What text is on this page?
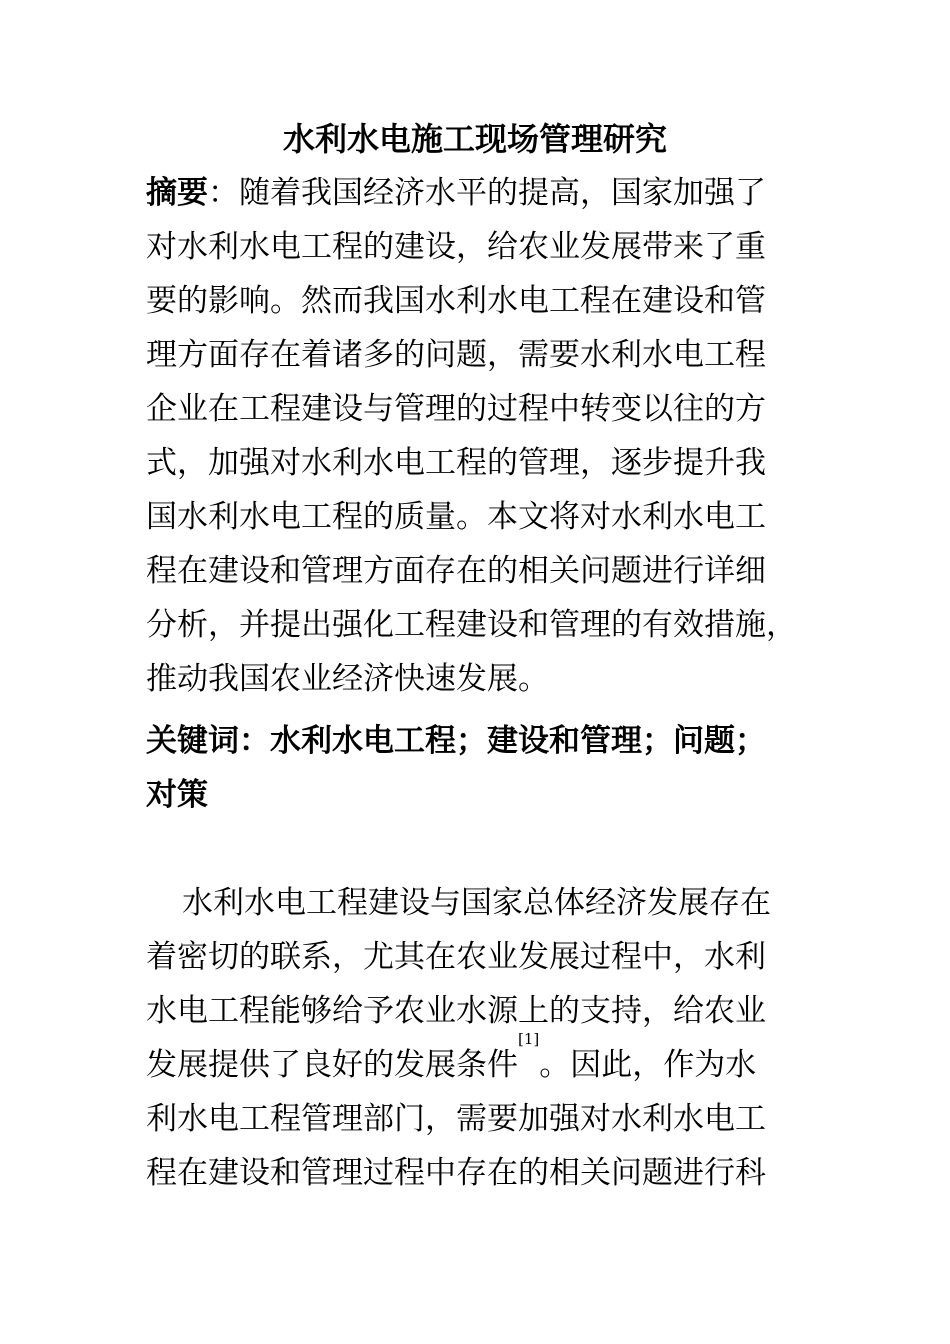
水利水电施工现场管理研究
摘要：随着我国经济水平的提高，国家加强了
对水利水电工程的建设，给农业发展带来了重
要的影响。然而我国水利水电工程在建设和管
理方面存在着诸多的问题，需要水利水电工程
企业在工程建设与管理的过程中转变以往的方
式，加强对水利水电工程的管理，逐步提升我
国水利水电工程的质量。本文将对水利水电工
程在建设和管理方面存在的相关问题进行详细
分析，并提出强化工程建设和管理的有效措施，
推动我国农业经济快速发展。
关键词：水利水电工程；建设和管理；问题；
对策
水利水电工程建设与国家总体经济发展存在
着密切的联系，尤其在农业发展过程中，水利
水电工程能够给予农业水源上的支持，给农业
发展提供了良好的发展条件[1]。因此，作为水
利水电工程管理部门，需要加强对水利水电工
程在建设和管理过程中存在的相关问题进行科
